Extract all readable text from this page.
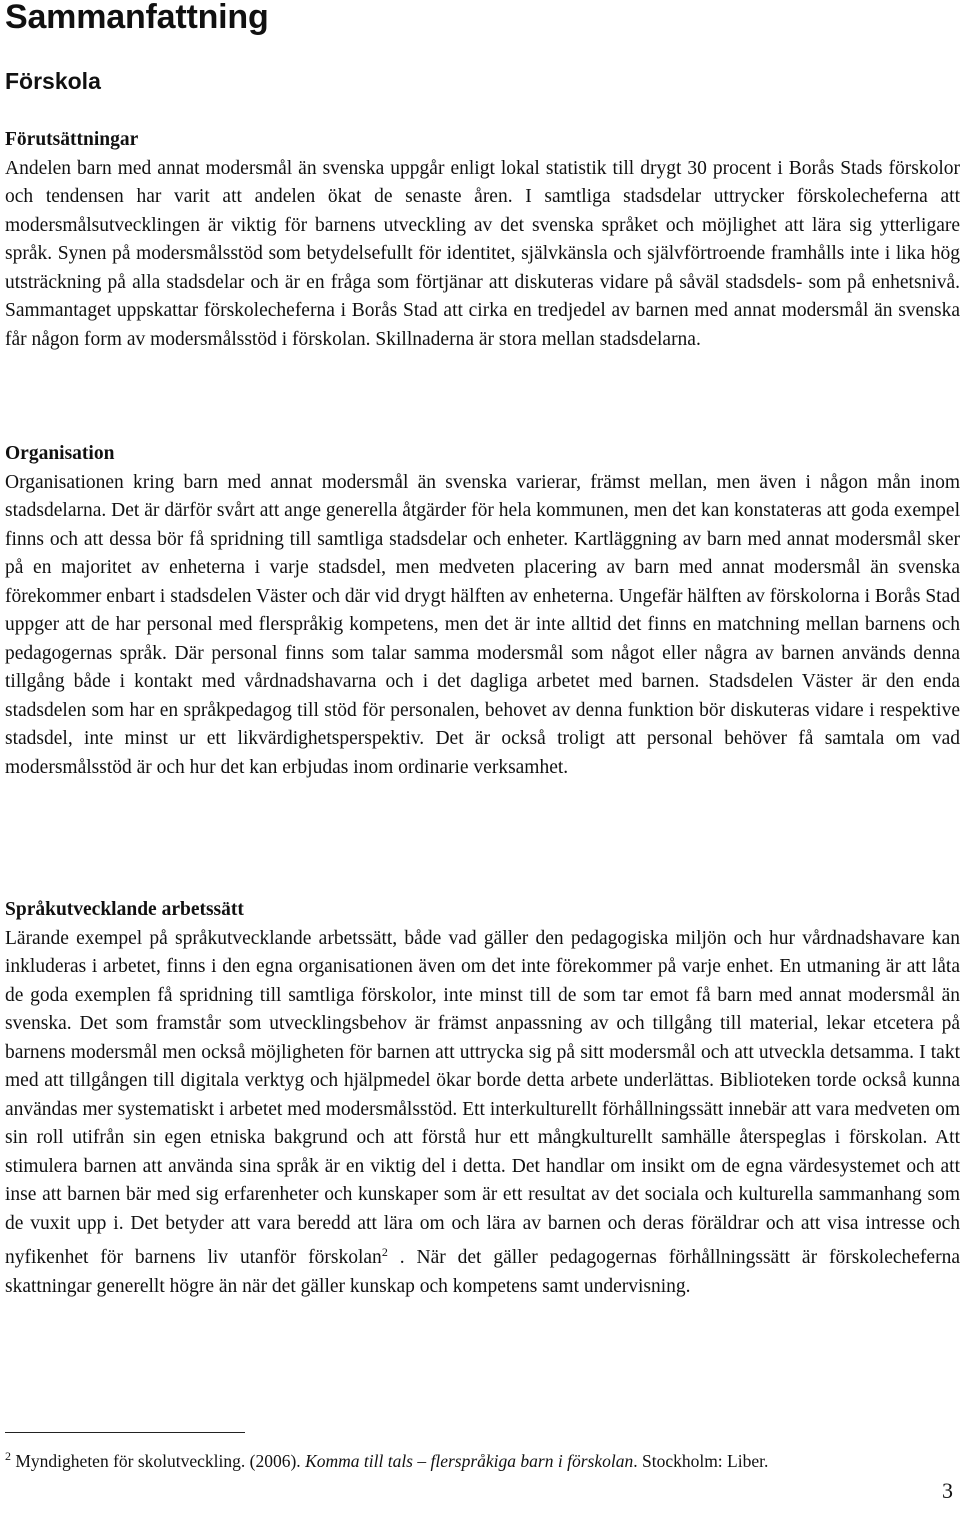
Sammanfattning
Förskola
Förutsättningar

Andelen barn med annat modersmål än svenska uppgår enligt lokal statistik till drygt 30 procent i Borås Stads förskolor och tendensen har varit att andelen ökat de senaste åren. I samtliga stadsdelar uttrycker förskolecheferna att modersmålsutvecklingen är viktig för barnens utveckling av det svenska språket och möjlighet att lära sig ytterligare språk. Synen på modersmålsstöd som betydelsefullt för identitet, självkänsla och självförtroende framhålls inte i lika hög utsträckning på alla stadsdelar och är en fråga som förtjänar att diskuteras vidare på såväl stadsdels- som på enhetsnivå. Sammantaget uppskattar förskolecheferna i Borås Stad att cirka en tredjedel av barnen med annat modersmål än svenska får någon form av modersmålsstöd i förskolan. Skillnaderna är stora mellan stadsdelarna.

Organisation

Organisationen kring barn med annat modersmål än svenska varierar, främst mellan, men även i någon mån inom stadsdelarna. Det är därför svårt att ange generella åtgärder för hela kommunen, men det kan konstateras att goda exempel finns och att dessa bör få spridning till samtliga stadsdelar och enheter. Kartläggning av barn med annat modersmål sker på en majoritet av enheterna i varje stadsdel, men medveten placering av barn med annat modersmål än svenska förekommer enbart i stadsdelen Väster och där vid drygt hälften av enheterna. Ungefär hälften av förskolorna i Borås Stad uppger att de har personal med flerspråkig kompetens, men det är inte alltid det finns en matchning mellan barnens och pedagogernas språk. Där personal finns som talar samma modersmål som något eller några av barnen används denna tillgång både i kontakt med vårdnadshavarna och i det dagliga arbetet med barnen. Stadsdelen Väster är den enda stadsdelen som har en språkpedagog till stöd för personalen, behovet av denna funktion bör diskuteras vidare i respektive stadsdel, inte minst ur ett likvärdighetsperspektiv. Det är också troligt att personal behöver få samtala om vad modersmålsstöd är och hur det kan erbjudas inom ordinarie verksamhet.

Språkutvecklande arbetssätt

Lärande exempel på språkutvecklande arbetssätt, både vad gäller den pedagogiska miljön och hur vårdnadshavare kan inkluderas i arbetet, finns i den egna organisationen även om det inte förekommer på varje enhet. En utmaning är att låta de goda exemplen få spridning till samtliga förskolor, inte minst till de som tar emot få barn med annat modersmål än svenska. Det som framstår som utvecklingsbehov är främst anpassning av och tillgång till material, lekar etcetera på barnens modersmål men också möjligheten för barnen att uttrycka sig på sitt modersmål och att utveckla detsamma. I takt med att tillgången till digitala verktyg och hjälpmedel ökar borde detta arbete underlättas. Biblioteken torde också kunna användas mer systematiskt i arbetet med modersmålsstöd. Ett interkulturellt förhållningssätt innebär att vara medveten om sin roll utifrån sin egen etniska bakgrund och att förstå hur ett mångkulturellt samhälle återspeglas i förskolan. Att stimulera barnen att använda sina språk är en viktig del i detta. Det handlar om insikt om de egna värdesystemet och att inse att barnen bär med sig erfarenheter och kunskaper som är ett resultat av det sociala och kulturella sammanhang som de vuxit upp i. Det betyder att vara beredd att lära om och lära av barnen och deras föräldrar och att visa intresse och nyfikenhet för barnens liv utanför förskolan$^2$ . När det gäller pedagogernas förhållningssätt är förskolecheferna skattningar generellt högre än när det gäller kunskap och kompetens samt undervisning.

$^2$ Myndigheten för skolutveckling. (2006). Komma till tals – flerspråkiga barn i förskolan. Stockholm: Liber.
3
